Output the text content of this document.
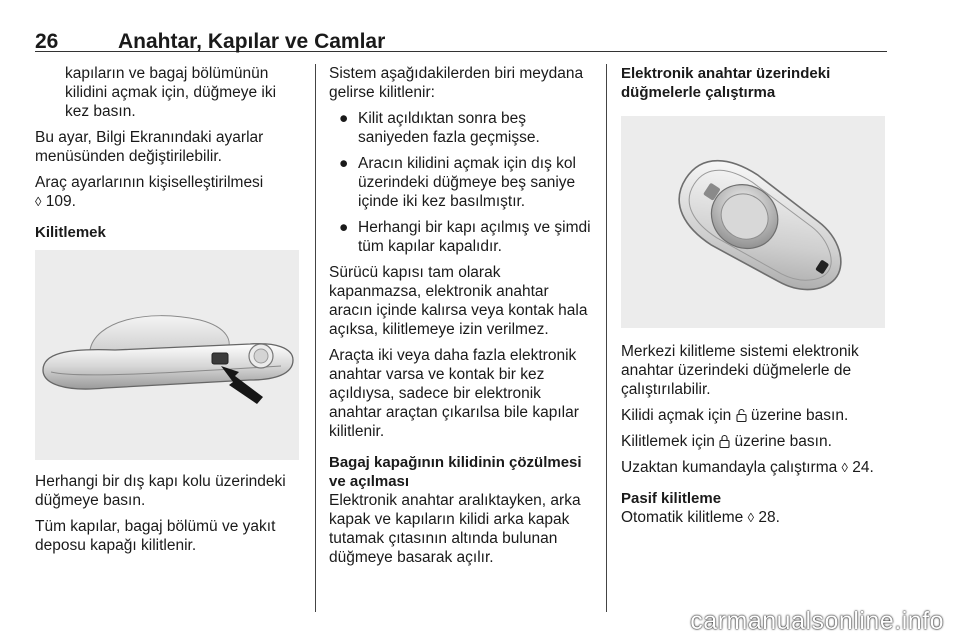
26	Anahtar, Kapılar ve Camlar

kapıların ve bagaj bölümünün kilidini açmak için, düğmeye iki kez basın.

Bu ayar, Bilgi Ekranındaki ayarlar menüsünden değiştirilebilir.

Araç ayarlarının kişiselleştirilmesi
◊ 109.

Kilitlemek

Herhangi bir dış kapı kolu üzerindeki düğmeye basın.

Tüm kapılar, bagaj bölümü ve yakıt deposu kapağı kilitlenir.

Sistem aşağıdakilerden biri meydana gelirse kilitlenir:

● Kilit açıldıktan sonra beş saniyeden fazla geçmişse.
● Aracın kilidini açmak için dış kol üzerindeki düğmeye beş saniye içinde iki kez basılmıştır.
● Herhangi bir kapı açılmış ve şimdi tüm kapılar kapalıdır.

Sürücü kapısı tam olarak kapanmazsa, elektronik anahtar aracın içinde kalırsa veya kontak hala açıksa, kilitlemeye izin verilmez.

Araçta iki veya daha fazla elektronik anahtar varsa ve kontak bir kez açıldıysa, sadece bir elektronik anahtar araçtan çıkarılsa bile kapılar kilitlenir.

Bagaj kapağının kilidinin çözülmesi ve açılması

Elektronik anahtar aralıktayken, arka kapak ve kapıların kilidi arka kapak tutamak çıtasının altında bulunan düğmeye basarak açılır.

Elektronik anahtar üzerindeki düğmelerle çalıştırma

Merkezi kilitleme sistemi elektronik anahtar üzerindeki düğmelerle de çalıştırılabilir.

Kilidi açmak için üzerine basın.

Kilitlemek için üzerine basın.

Uzaktan kumandayla çalıştırma ◊ 24.

Pasif kilitleme

Otomatik kilitleme ◊ 28.

carmanualsonline.info
